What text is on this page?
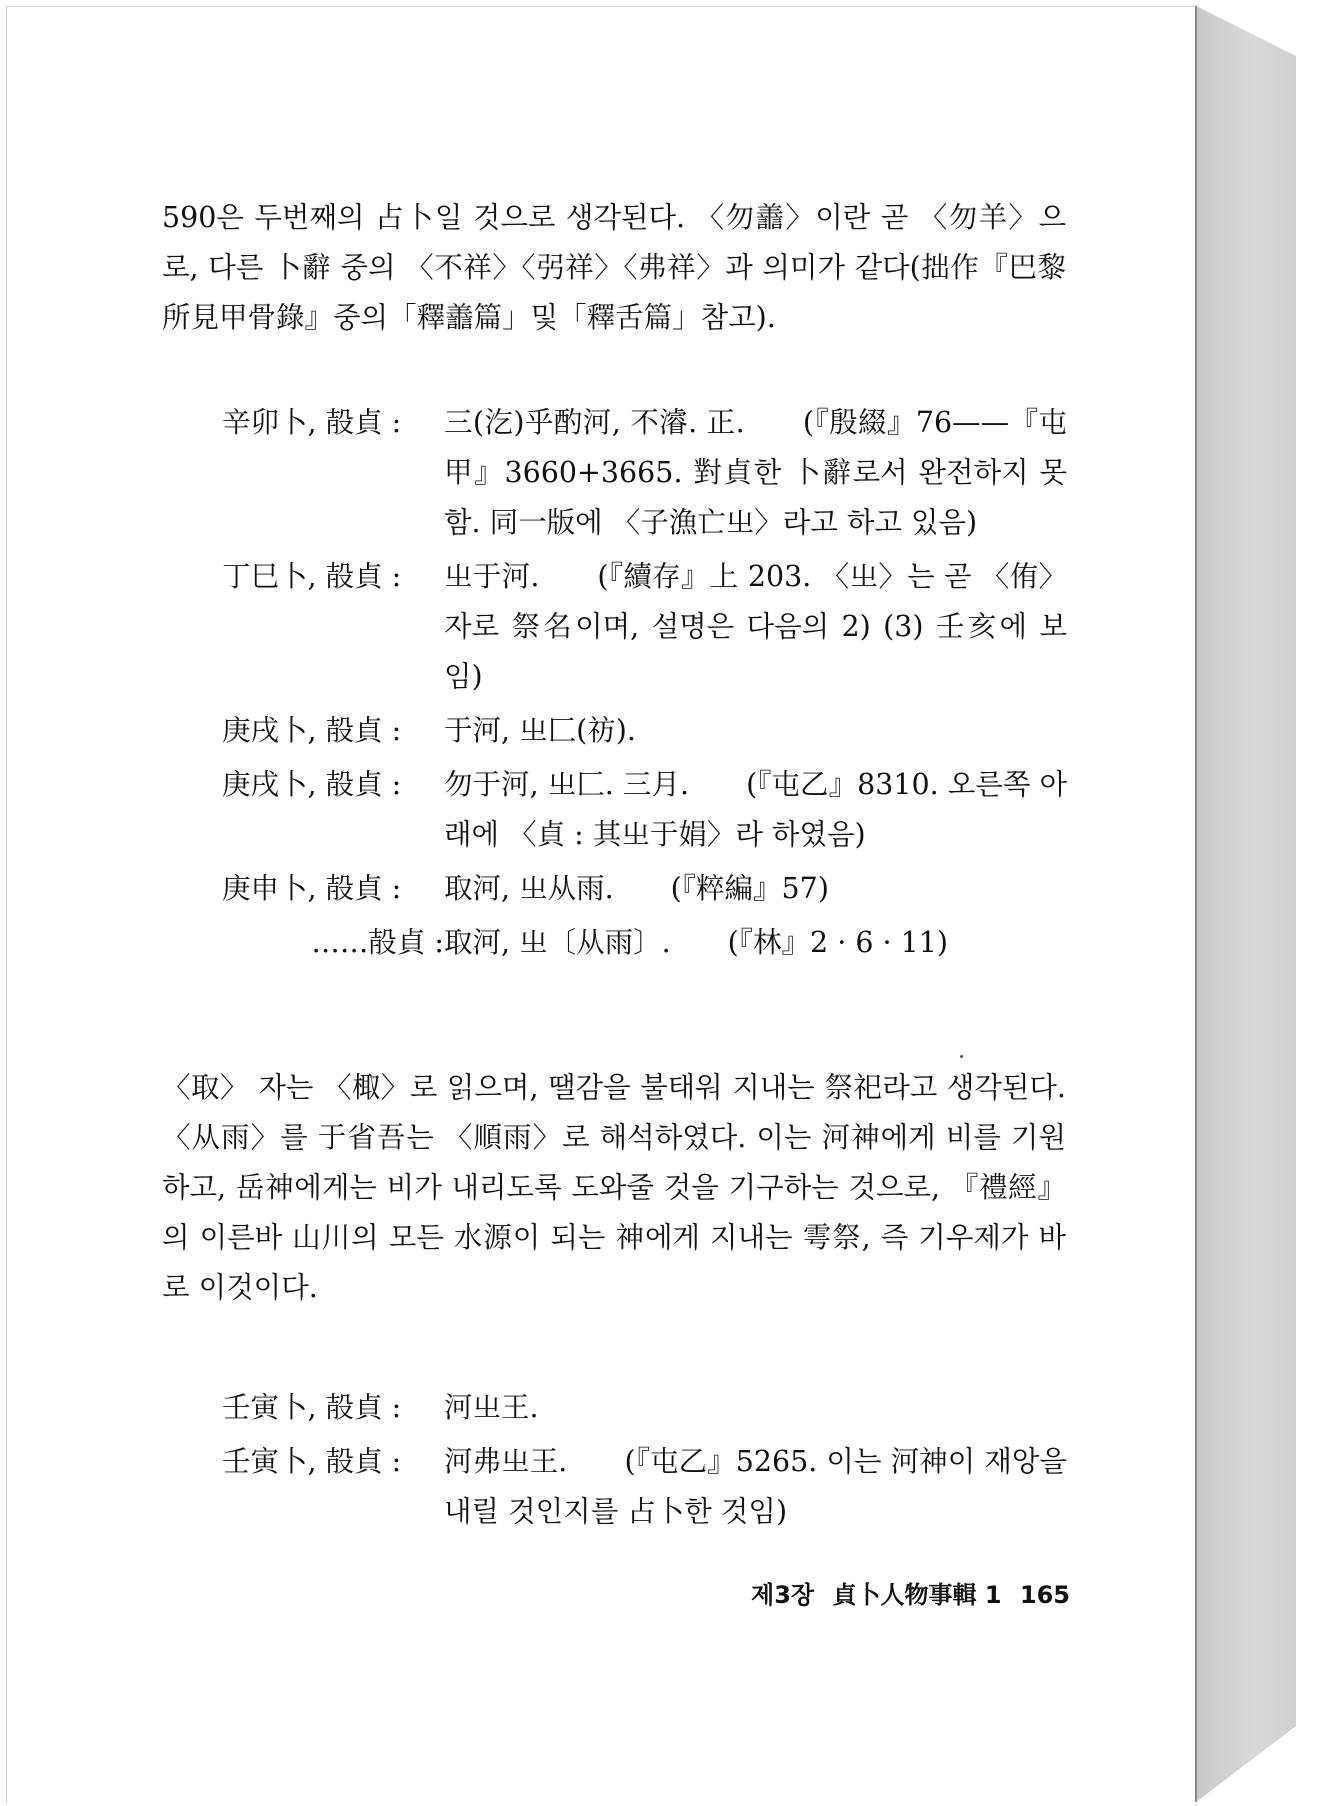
590은 두번째의 占卜일 것으로 생각된다. 〈勿譱〉이란 곧 〈勿羊〉으로, 다른 卜辭 중의 〈不祥〉〈弜祥〉〈弗祥〉과 의미가 같다(拙作『巴黎所見甲骨錄』중의「釋譱篇」및「釋舌篇」참고).
辛卯卜, 㱿貞 :	三(汔)乎酌河, 不濬. 正.　　(『殷綴』76——『屯甲』3660+3665. 對貞한 卜辭로서 완전하지 못함. 同一版에 〈子漁亡㞢〉라고 하고 있음)
丁巳卜, 㱿貞 :	㞢于河.　　(『續存』上 203. 〈㞢〉는 곧 〈侑〉자로 祭名이며, 설명은 다음의 2) (3) 壬亥에 보임)
庚戌卜, 㱿貞 :	于河, 㞢匚(祊).
庚戌卜, 㱿貞 :	勿于河, 㞢匚. 三月.　　(『屯乙』8310. 오른쪽 아래에 〈貞 : 其㞢于娟〉라 하였음)
庚申卜, 㱿貞 :	取河, 㞢从雨.　　(『粹編』57)
……㱿貞 : 取河, 㞢〔从雨〕.　　(『林』2 · 6 · 11)
〈取〉 자는 〈棷〉로 읽으며, 땔감을 불태워 지내는 祭祀라고 생각된다. 〈从雨〉를 于省吾는 〈順雨〉로 해석하였다. 이는 河神에게 비를 기원하고, 岳神에게는 비가 내리도록 도와줄 것을 기구하는 것으로, 『禮經』의 이른바 山川의 모든 水源이 되는 神에게 지내는 雩祭, 즉 기우제가 바로 이것이다.
壬寅卜, 㱿貞 :	河㞢王.
壬寅卜, 㱿貞 :	河弗㞢王.　　(『屯乙』5265. 이는 河神이 재앙을 내릴 것인지를 占卜한 것임)
제3장 貞卜人物事輯 1 165
